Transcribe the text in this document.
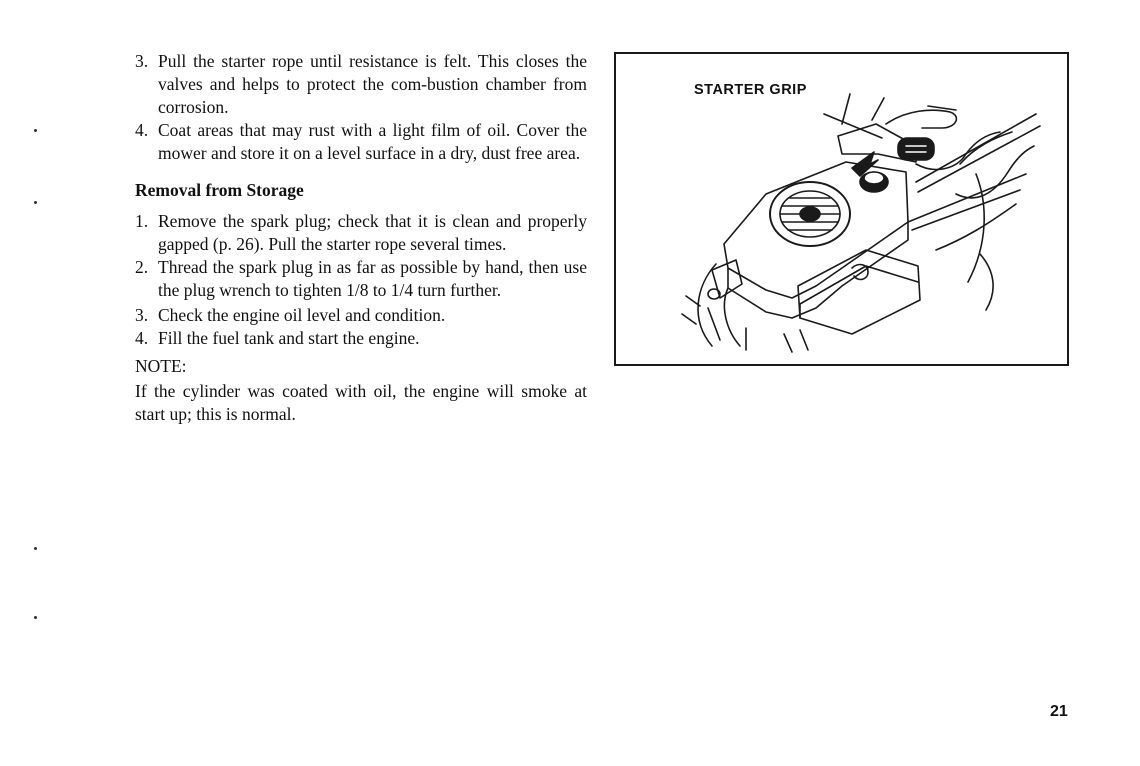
3. Pull the starter rope until resistance is felt. This closes the valves and helps to protect the com-bustion chamber from corrosion.
4. Coat areas that may rust with a light film of oil. Cover the mower and store it on a level surface in a dry, dust free area.
Removal from Storage
1. Remove the spark plug; check that it is clean and properly gapped (p. 26). Pull the starter rope several times.
2. Thread the spark plug in as far as possible by hand, then use the plug wrench to tighten 1/8 to 1/4 turn further.
3. Check the engine oil level and condition.
4. Fill the fuel tank and start the engine.
NOTE:
If the cylinder was coated with oil, the engine will smoke at start up; this is normal.
STARTER GRIP
21
